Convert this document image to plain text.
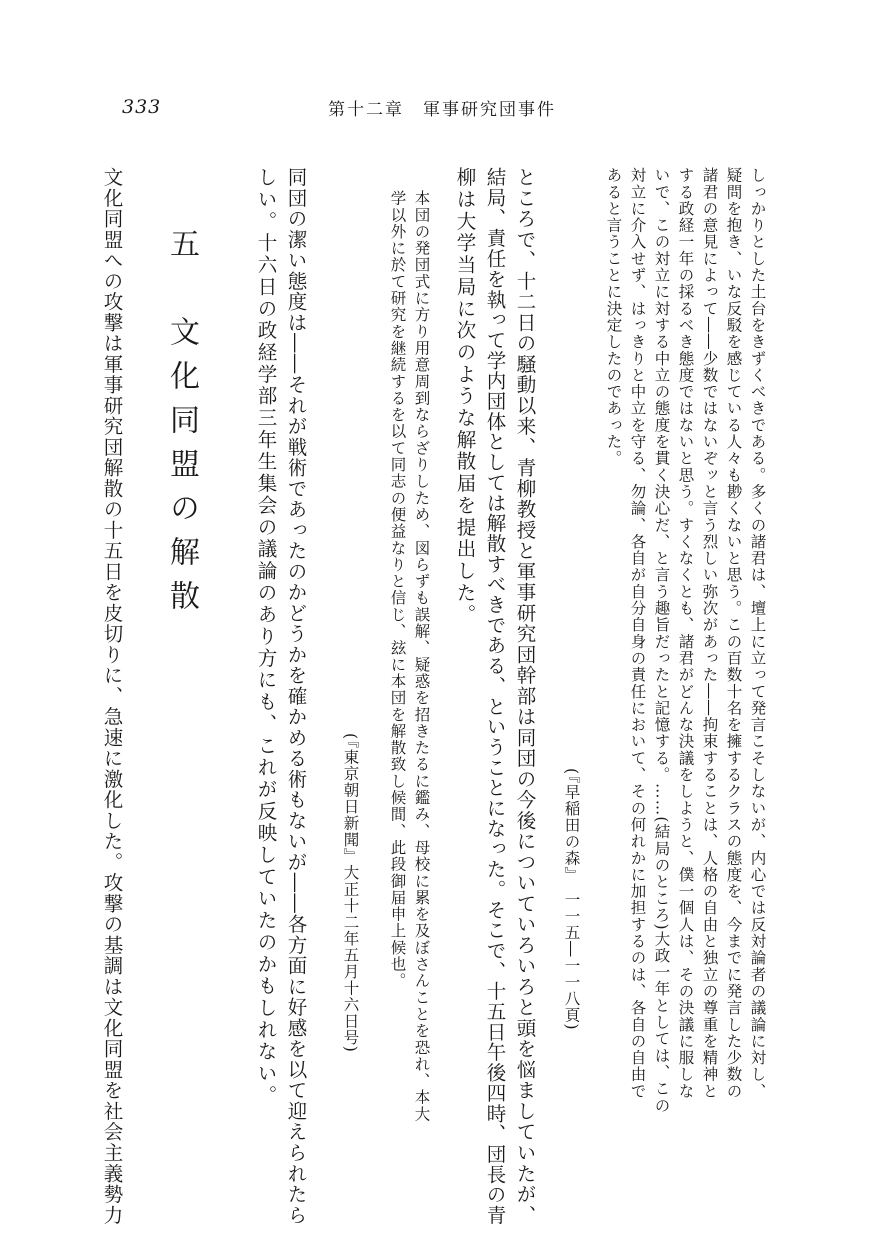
333	第十二章　軍事研究団事件
しっかりとした土台をきずくべきである。多くの諸君は、壇上に立って発言こそしないが、内心では反対論者の議論に対し、
疑問を抱き、いな反駁を感じている人々も尠くないと思う。この百数十名を擁するクラスの態度を、今までに発言した少数の
諸君の意見によって――少数ではないぞッと言う烈しい弥次があった――拘束することは、人格の自由と独立の尊重を精神と
する政経一年の採るべき態度ではないと思う。すくなくとも、諸君がどんな決議をしようと、僕一個人は、その決議に服しな
いで、この対立に対する中立の態度を貫く決心だ、と言う趣旨だったと記憶する。……(結局のところ)大政一年としては、この
対立に介入せず、はっきりと中立を守る、勿論、各自が自分自身の責任において、その何れかに加担するのは、各自の自由で
あると言うことに決定したのであった。
(『早稲田の森』　一一五―一一八頁)
ところで、十二日の騒動以来、青柳教授と軍事研究団幹部は同団の今後についていろいろと頭を悩ましていたが、
結局、責任を執って学内団体としては解散すべきである、ということになった。そこで、十五日午後四時、団長の青
柳は大学当局に次のような解散届を提出した。
本団の発団式に方り用意周到ならざりしため、図らずも誤解、疑惑を招きたるに鑑み、母校に累を及ぼさんことを恐れ、本大
学以外に於て研究を継続するを以て同志の便益なりと信じ、玆に本団を解散致し候間、此段御届申上候也。
(『東京朝日新聞』大正十二年五月十六日号)
同団の潔い態度は――それが戦術であったのかどうかを確かめる術もないが――各方面に好感を以て迎えられたら
しい。十六日の政経学部三年生集会の議論のあり方にも、これが反映していたのかもしれない。
五　文化同盟の解散
文化同盟への攻撃は軍事研究団解散の十五日を皮切りに、急速に激化した。攻撃の基調は文化同盟を社会主義勢力
